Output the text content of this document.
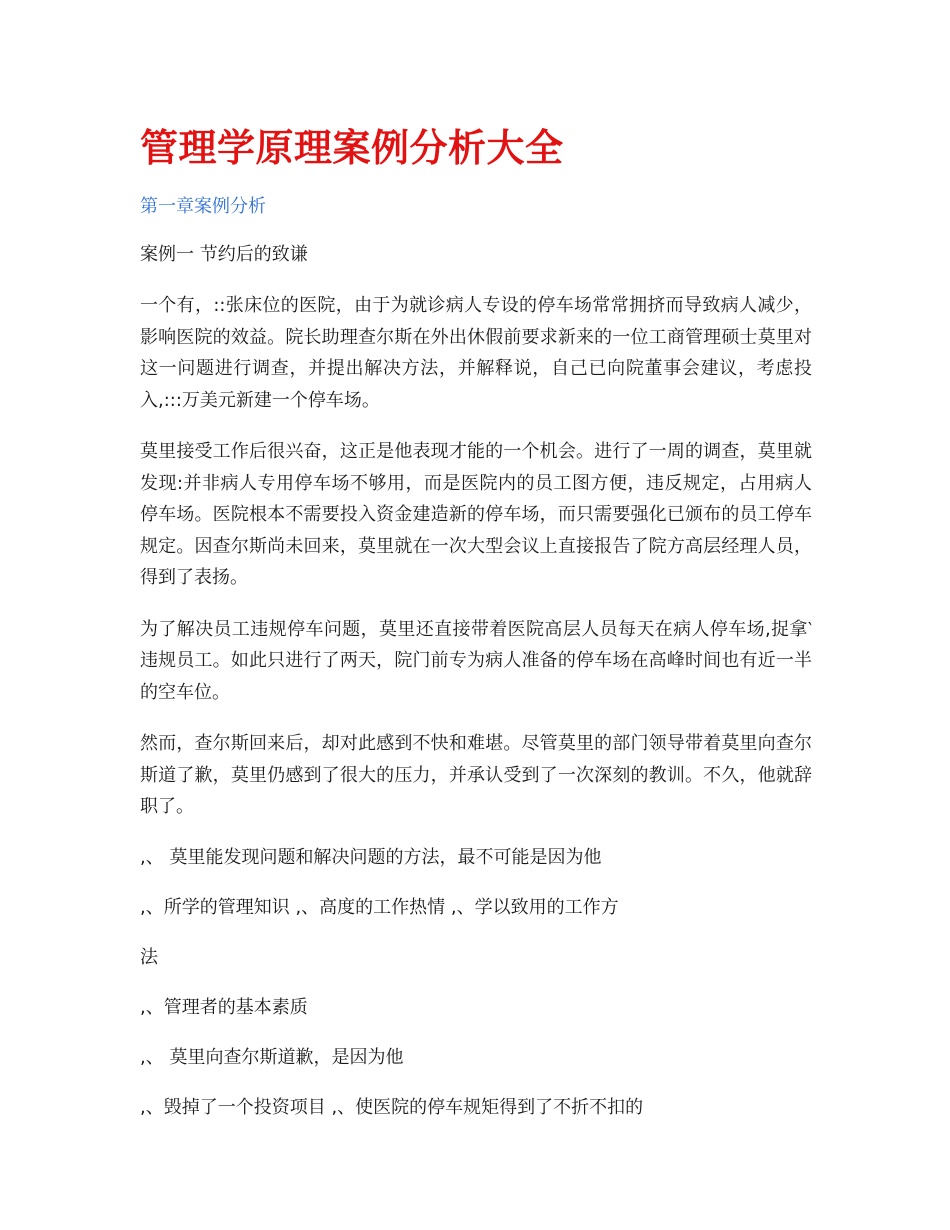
管理学原理案例分析大全
第一章案例分析
案例一 节约后的致谦

一个有，::张床位的医院，由于为就诊病人专设的停车场常常拥挤而导致病人减少，影响医院的效益。院长助理查尔斯在外出休假前要求新来的一位工商管理硕士莫里对这一问题进行调查，并提出解决方法，并解释说，自己已向院董事会建议，考虑投入,:::万美元新建一个停车场。

莫里接受工作后很兴奋，这正是他表现才能的一个机会。进行了一周的调查，莫里就发现:并非病人专用停车场不够用，而是医院内的员工图方便，违反规定，占用病人停车场。医院根本不需要投入资金建造新的停车场，而只需要强化已颁布的员工停车规定。因查尔斯尚未回来，莫里就在一次大型会议上直接报告了院方高层经理人员，得到了表扬。

为了解决员工违规停车问题，莫里还直接带着医院高层人员每天在病人停车场,捉拿‵违规员工。如此只进行了两天，院门前专为病人准备的停车场在高峰时间也有近一半的空车位。

然而，查尔斯回来后，却对此感到不快和难堪。尽管莫里的部门领导带着莫里向查尔斯道了歉，莫里仍感到了很大的压力，并承认受到了一次深刻的教训。不久，他就辞职了。

,、 莫里能发现问题和解决问题的方法，最不可能是因为他
,、所学的管理知识 ,、高度的工作热情 ,、学以致用的工作方
法
,、管理者的基本素质
,、 莫里向查尔斯道歉，是因为他
,、毁掉了一个投资项目 ,、使医院的停车规矩得到了不折不扣的
